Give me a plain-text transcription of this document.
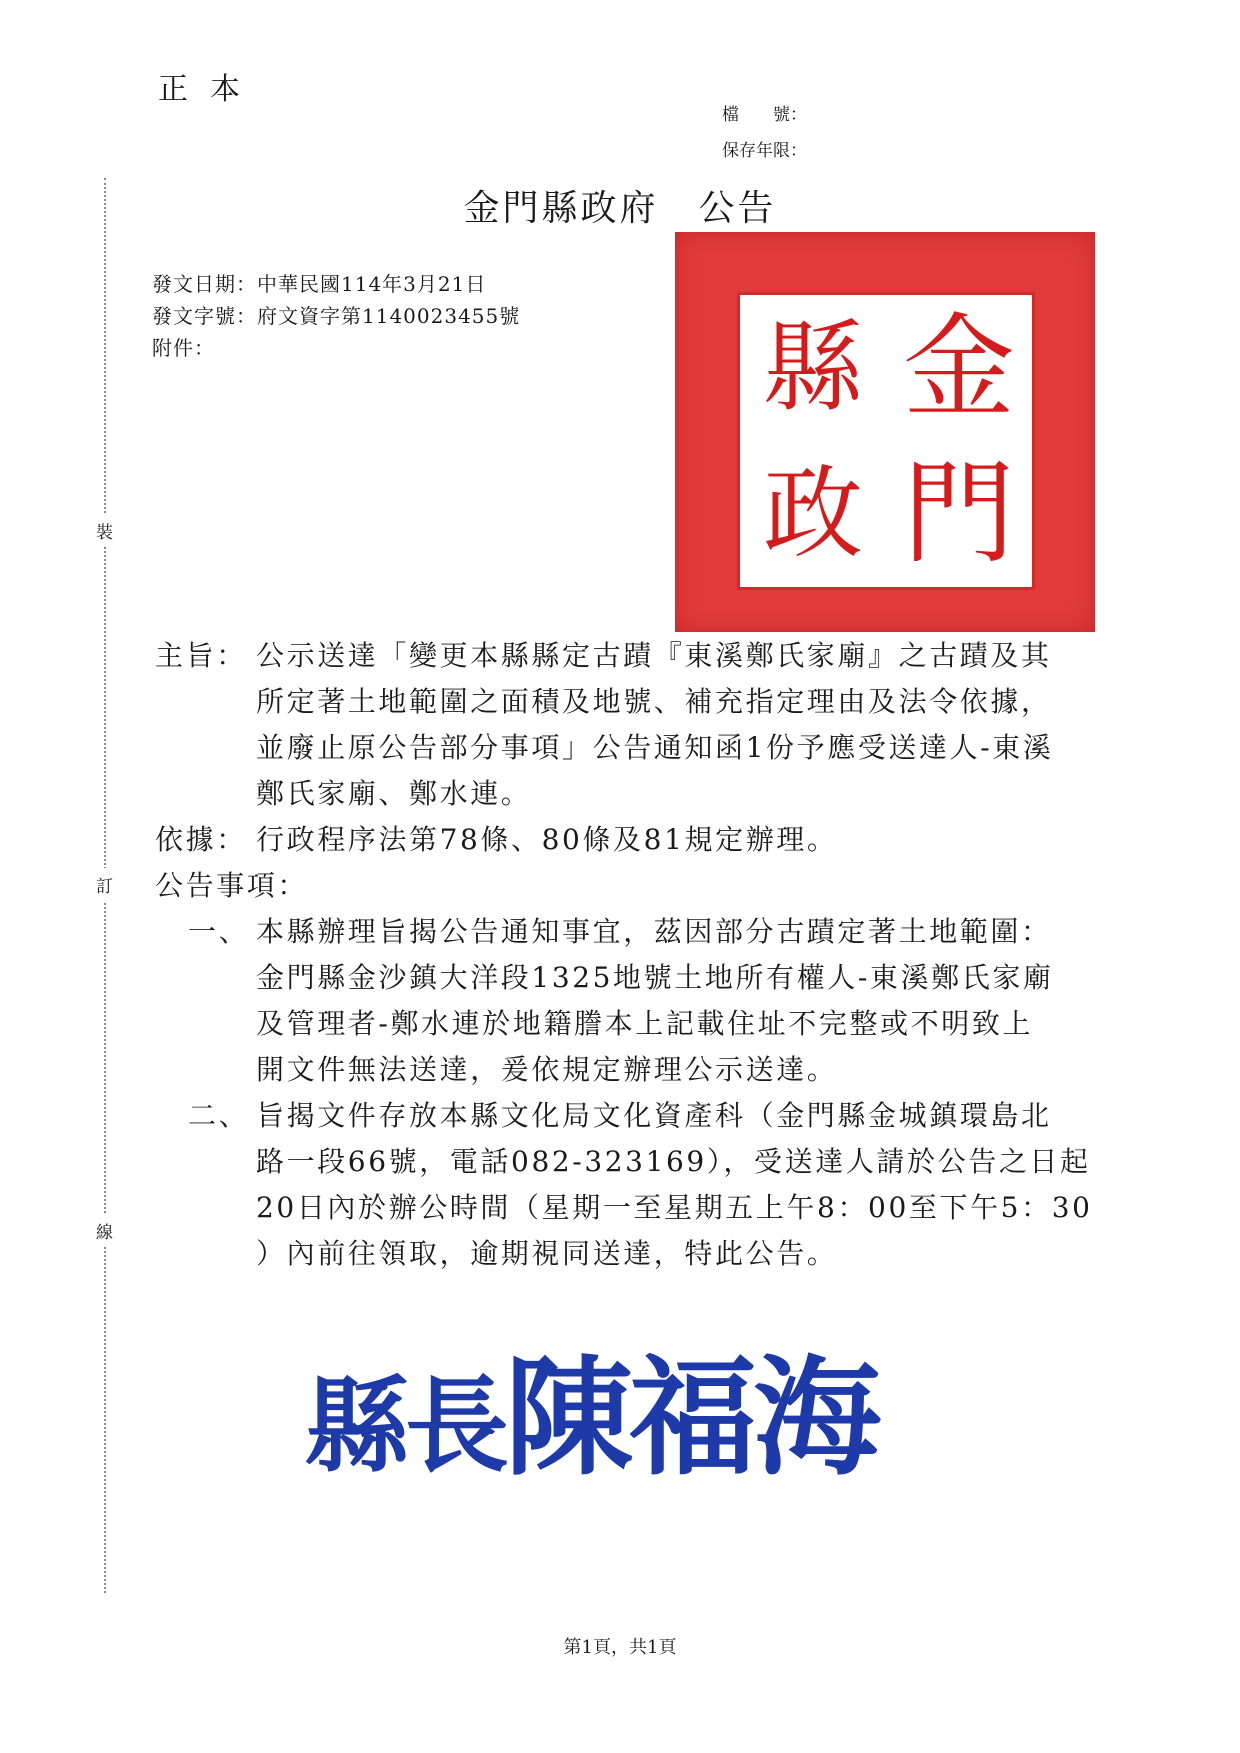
正本
檔　　號：
保存年限：
金門縣政府 公告
發文日期：中華民國114年3月21日
發文字號：府文資字第1140023455號
附件：
裝
訂
線
金
門
縣
政
主旨： 公示送達「變更本縣縣定古蹟『東溪鄭氏家廟』之古蹟及其
所定著土地範圍之面積及地號、補充指定理由及法令依據，
並廢止原公告部分事項」公告通知函1份予應受送達人-東溪
鄭氏家廟、鄭水連。
依據： 行政程序法第78條、80條及81規定辦理。
公告事項：
一、 本縣辦理旨揭公告通知事宜，茲因部分古蹟定著土地範圍：
金門縣金沙鎮大洋段1325地號土地所有權人-東溪鄭氏家廟
及管理者-鄭水連於地籍謄本上記載住址不完整或不明致上
開文件無法送達，爰依規定辦理公示送達。
二、 旨揭文件存放本縣文化局文化資產科（金門縣金城鎮環島北
路一段66號，電話082-323169），受送達人請於公告之日起
20日內於辦公時間（星期一至星期五上午8：00至下午5：30
）內前往領取，逾期視同送達，特此公告。
縣長陳福海
第1頁，共1頁
